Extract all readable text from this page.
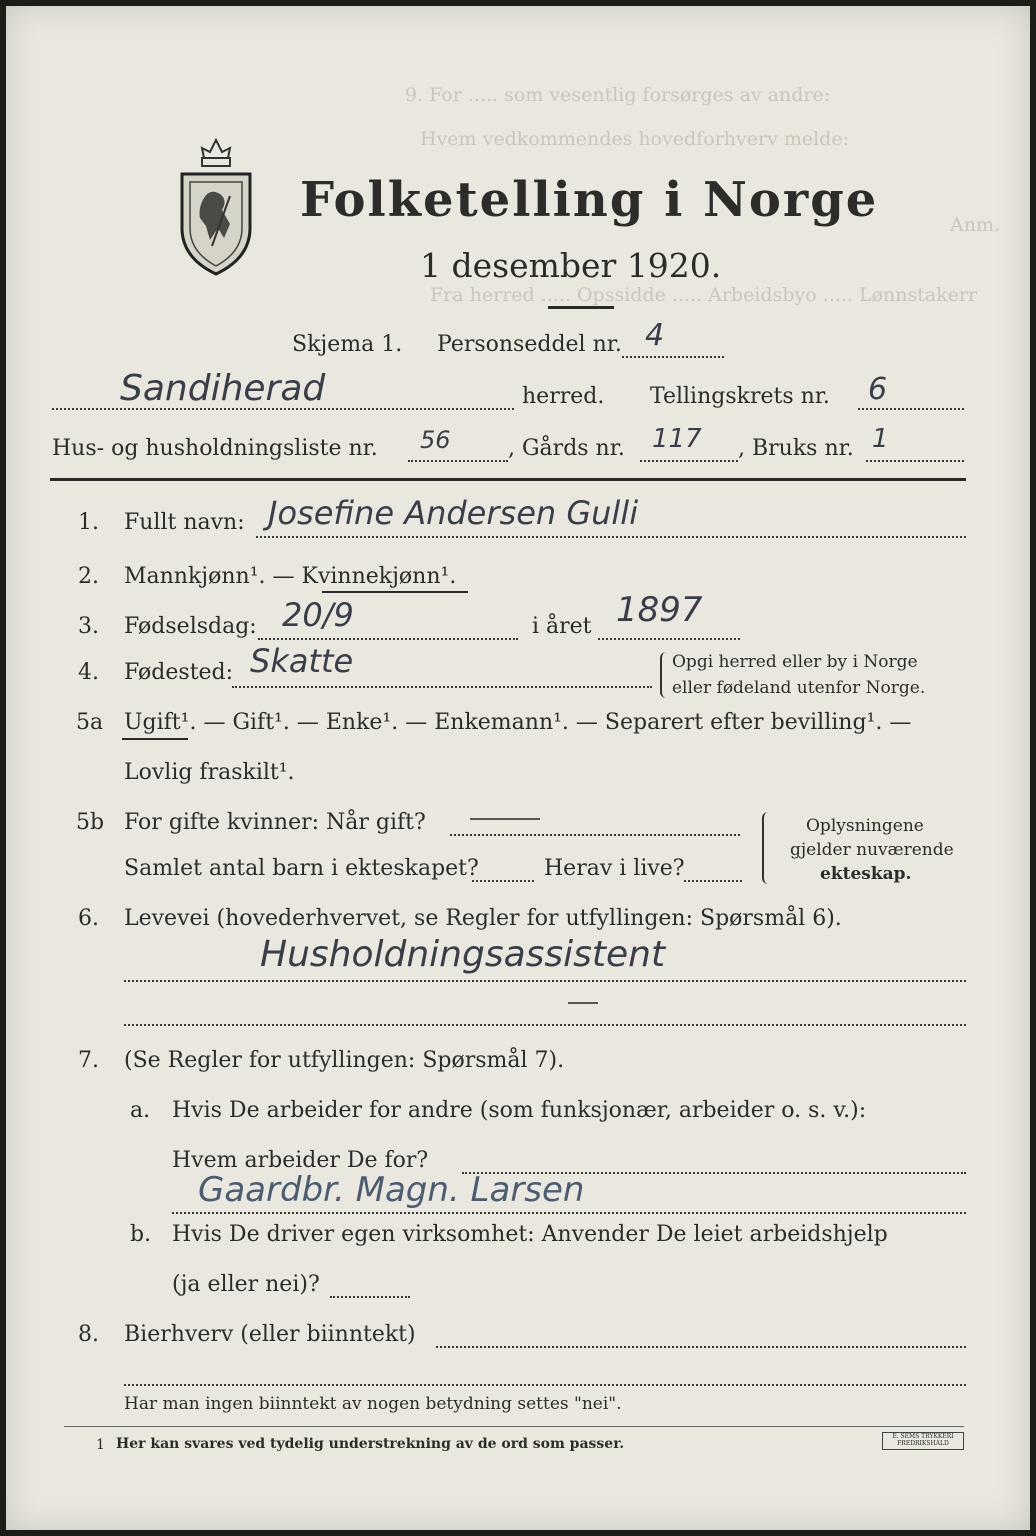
9. For ..... som vesentlig forsørges av andre:
Hvem vedkommendes hovedforhverv melde:
Anm.
Fra herred ..... Opssidde ..... Arbeidsbyo ..... Lønnstakerr
Folketelling i Norge
1 desember 1920.
Skjema 1. Personseddel nr. 4
Sandiherad	herred. Tellingskrets nr. 6
Hus- og husholdningsliste nr. 56	, Gårds nr. 117 , Bruks nr. 1
1. Fullt navn: Josefine Andersen Gulli
2. Mannkjønn¹. — Kvinnekjønn¹.
3. Fødselsdag: 20/9	i året 1897
4. Fødested: Skatte	Opgi herred eller by i Norge
eller fødeland utenfor Norge.
5a Ugift¹. — Gift¹. — Enke¹. — Enkemann¹. — Separert efter bevilling¹. —
Lovlig fraskilt¹.
5b For gifte kvinner: Når gift?
Samlet antal barn i ekteskapet?	Herav i live?
Oplysningene
gjelder nuværende
ekteskap.
6. Levevei (hovederhvervet, se Regler for utfyllingen: Spørsmål 6).
Husholdningsassistent
7. (Se Regler for utfyllingen: Spørsmål 7).
a. Hvis De arbeider for andre (som funksjonær, arbeider o. s. v.):
Hvem arbeider De for?
Gaardbr. Magn. Larsen
b. Hvis De driver egen virksomhet: Anvender De leiet arbeidshjelp
(ja eller nei)?
8. Bierhverv (eller biinntekt)
Har man ingen biinntekt av nogen betydning settes "nei".
1 Her kan svares ved tydelig understrekning av de ord som passer.	E. SEMS TRYKKERI FREDRIKSHALD
